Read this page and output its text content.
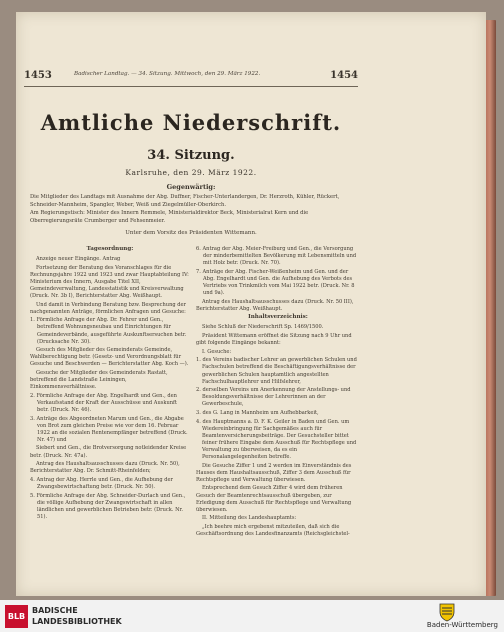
1453	Badischer Landtag. — 34. Sitzung. Mittwoch, den 29. März 1922.	1454
Amtliche Niederschrift.
34. Sitzung.
Karlsruhe, den 29. März 1922.
Gegenwärtig:

Die Mitglieder des Landtags mit Ausnahme der Abg. Duffner, Fischer-Unterlandergen, Dr. Herzroth, Kühler, Rückert, Schneider-Mannheim, Spangler, Weber, Weiß und Ziegelmüller-Oberkirch.

Am Regierungstisch: Minister des Innern Remmele, Ministerialdirektor Beck, Ministerialrat Kern und die Oberregierungsräte Crumberger und Fehsenmeier.

Unter dem Vorsitz des Präsidenten Wittemann.

Tagesordnung:

Anzeige neuer Eingänge. Antrag

Fortsetzung der Beratung des Voranschlages für die Rechnungsjahre 1922 und 1923 und zwar Hauptabteilung IV: Ministerium des Innern, Ausgabe Titel XII, Gemeindeverwaltung, Landesstatistik und Kreisverwaltung (Druck. Nr. 3b I), Berichterstatter Abg. Weißhaupt.

Und damit in Verbindung Beratung bzw. Besprechung der nachgenannten Anträge, förmlichen Anfragen und Gesuche:

1. Förmliche Anfrage der Abg. Dr. Fehrer und Gen., betreffend Wohnungsneubau und Einrichtungen für Gemeindeverbände, ausgeführte Auskunftsersuchen betr. (Drucksache Nr. 30).

Gesuch des Mitglieder des Gemeinderats Gemeinde, Wahlberechtigung betr. (Gesetz- und Verordnungsblatt für Gesuche und Beschwerden — Berichterstatter Abg. Koch —).

Gesuche der Mitglieder des Gemeinderats Rastatt, betreffend die Landstraße Leiningen, Einkommensverhältnisse.

2. Förmliche Anfrage der Abg. Engelhardt und Gen., den Verkaufsstand der Kraft der Ausschüsse und Auskunft betr. (Druck. Nr. 46).

3. Anträge des Abgeordneten Marum und Gen., die Abgabe von Brot zum gleichen Preise wie vor dem 16. Februar 1922 an die sozialen Rentenempfänger betreffend (Druck. Nr. 47) und

Siebert und Gen., die Brotversorgung notleidender Kreise betr. (Druck. Nr. 47a).

Antrag des Haushaltsausschusses dazu (Druck. Nr. 50), Berichterstatter Abg. Dr. Schmitt-Rheinfelden;

4. Antrag der Abg. Herrle und Gen., die Aufhebung der Zwangsbewirtschaftung betr. (Druck. Nr. 50).

5. Förmliche Anfrage der Abg. Schneider-Durlach und Gen., die völlige Aufhebung der Zwangswirtschaft in allen ländlichen und gewerblichen Betrieben betr. (Druck. Nr. 51).

6. Antrag der Abg. Meier-Freiburg und Gen., die Versorgung der minderbemittelten Bevölkerung mit Lebensmitteln und mit Holz betr. (Druck. Nr. 70).

7. Anträge der Abg. Fischer-Weißenheim und Gen. und der Abg. Engelhardt und Gen. die Aufhebung des Verbots des Vertriebs von Trinkmilch vom Mai 1922 betr. (Druck. Nr. 8 und 9a).

Antrag des Haushaltsausschusses dazu (Druck. Nr. 50 III), Berichterstatter Abg. Weißhaupt.

Inhaltsverzeichnis:

Siehe Schluß der Niederschrift Sp. 1469/1500.

Präsident Wittemann eröffnet die Sitzung nach 9 Uhr und gibt folgende Eingänge bekannt:

I. Gesuche:

1. des Vereins badischer Lehrer an gewerblichen Schulen und Fachschulen betreffend die Beschäftigungsverhältnisse der gewerblichen Schulen hauptamtlich angestellten Fachschulhauptlehrer und Hilfslehrer,

2. derselben Vereins um Anerkennung der Anstellungs- und Besoldungsverhältnisse der Lehrerinnen an der Gewerbeschule,

3. des G. Lang in Mannheim um Aufhebbarkeit,

4. des Hauptmanns a. D. F. K. Geiler in Baden und Gen. um Wiedereinbringung für Sachgemäßes auch für Beamtenversicherungsbeiträge. Der Gesuchsteller bittet feiner frühere Eingabe dem Ausschuß für Rechtspflege und Verwaltung zu überweisen, da es ein Personalangelegenheiten betreffe.

Die Gesuche Ziffer 1 und 2 werden im Einverständnis des Hauses dem Haushaltsausschuß, Ziffer 3 dem Ausschuß für Rechtspflege und Verwaltung überwiesen.

Entsprechend dem Gesuch Ziffer 4 wird dem früheren Gesuch der Beamtenrechtsausschuß übergeben, zur Erledigung dem Ausschuß für Rechtspflege und Verwaltung überwiesen.

II. Mitteilung des Landeshauptamts:

„Ich beehre mich ergebenst mitzuteilen, daß sich die Geschäftsordnung des Landesfinanzamts (Reichsgleichstel-

BLB
BADISCHE
LANDESBIBLIOTHEK	Baden-Württemberg
